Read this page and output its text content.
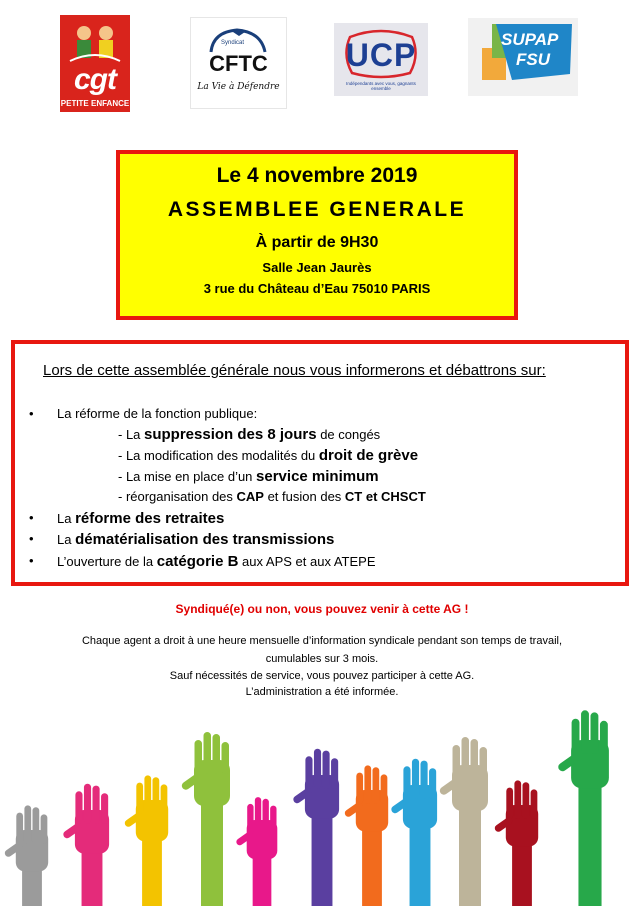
cgt
PETITE ENFANCE
Syndicat
CFTC
La Vie à Défendre
UCP
Indépendants avec vous, gagnants ensemble
SUPAP
FSU
Le 4 novembre 2019
ASSEMBLEE GENERALE
À partir de 9H30
Salle Jean Jaurès
3 rue du Château d’Eau 75010 PARIS
Lors de cette assemblée générale nous vous informerons et débattrons sur:
• La réforme de la fonction publique:
- La suppression des 8 jours de congés
- La modification des modalités du droit de grève
- La mise en place d’un service minimum
- réorganisation des CAP et fusion des CT et CHSCT
• La réforme des retraites
• La dématérialisation des transmissions
• L’ouverture de la catégorie B aux APS et aux ATEPE
Syndiqué(e) ou non, vous pouvez venir à cette AG !
Chaque agent a droit à une heure mensuelle d’information syndicale pendant son temps de travail,
cumulables sur 3 mois.
Sauf nécessités de service, vous pouvez participer à cette AG.
L’administration a été informée.
